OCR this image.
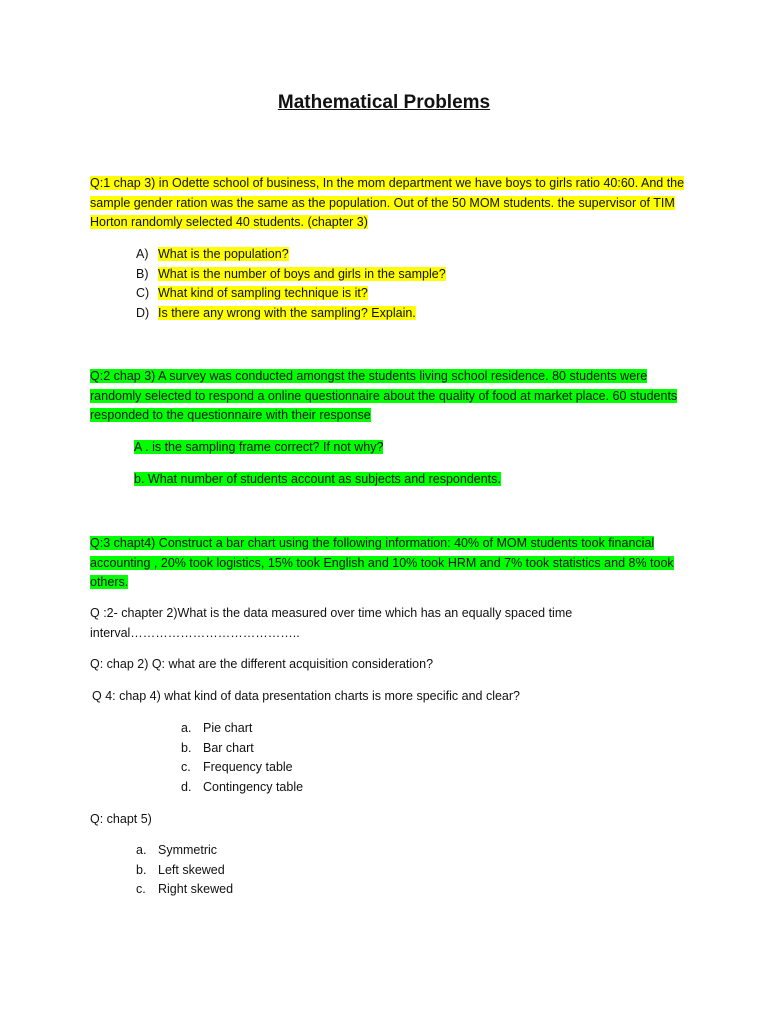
Mathematical Problems
Q:1 chap 3) in Odette school of business, In the mom department we have boys to girls ratio 40:60. And the sample gender ration was the same as the population. Out of the 50 MOM students. the supervisor of TIM Horton randomly selected 40 students. (chapter 3)
A) What is the population?
B) What is the number of boys and girls in the sample?
C) What kind of sampling technique is it?
D) Is there any wrong with the sampling? Explain.
Q:2 chap 3) A survey was conducted amongst the students living school residence. 80 students were randomly selected to respond a online questionnaire about the quality of food at market place. 60 students responded to the questionnaire with their response
A . is the sampling frame correct? If not why?
b. What number of students account as subjects and respondents.
Q:3 chapt4) Construct a bar chart using the following information: 40% of MOM students took financial accounting , 20% took logistics, 15% took English and 10% took HRM and 7% took statistics and 8% took others.
Q :2- chapter 2)What is the data measured over time which has an equally spaced time
interval…………………………………..
Q: chap 2) Q: what are the different acquisition consideration?
Q 4: chap 4) what kind of data presentation charts is more specific and clear?
a. Pie chart
b. Bar chart
c. Frequency table
d. Contingency table
Q: chapt 5)
a. Symmetric
b. Left skewed
c. Right skewed
